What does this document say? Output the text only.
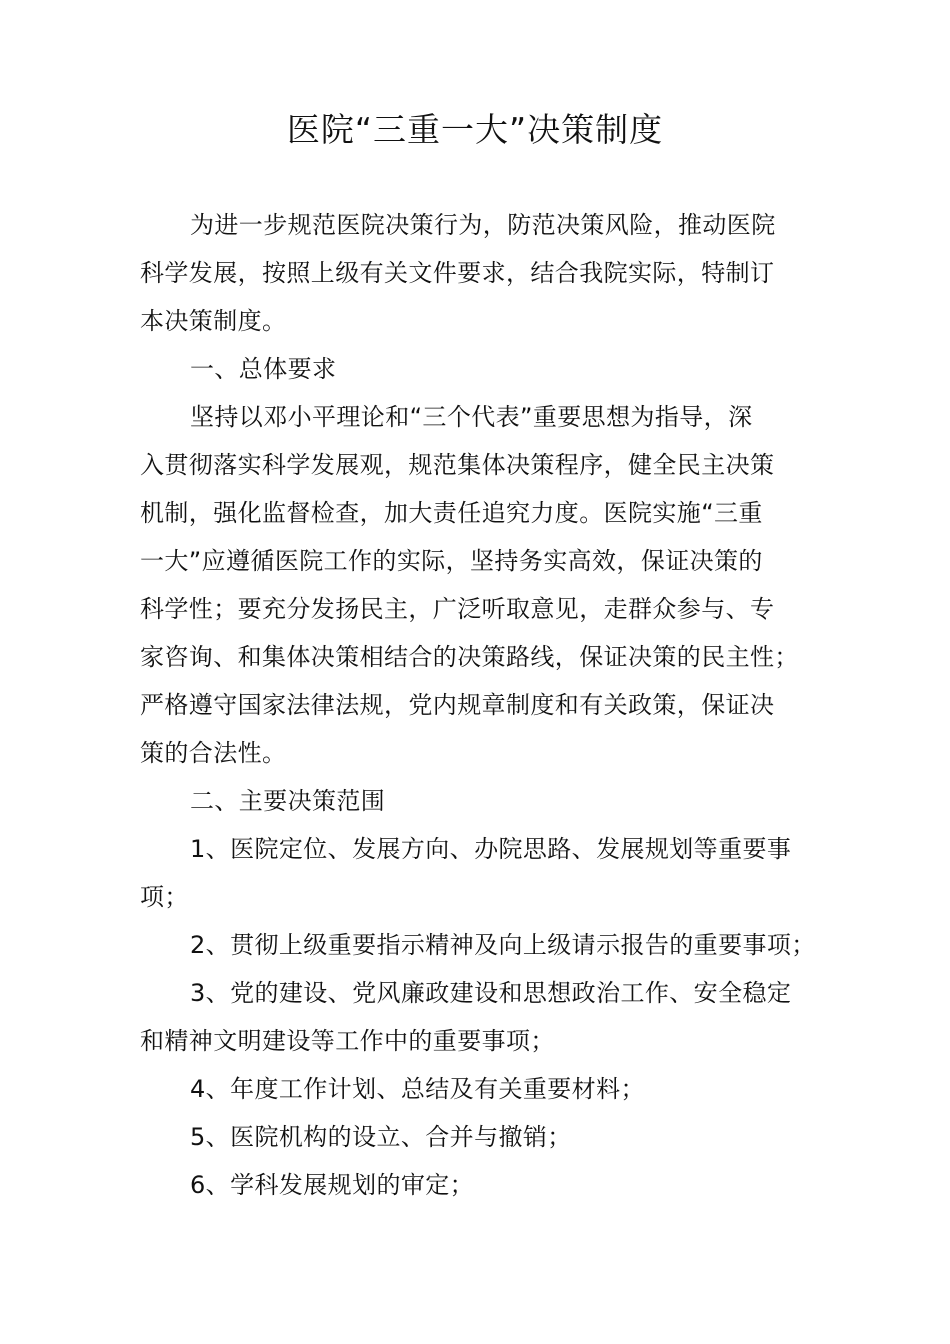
医院“三重一大”决策制度
为进一步规范医院决策行为，防范决策风险，推动医院
科学发展，按照上级有关文件要求，结合我院实际，特制订
本决策制度。
一、总体要求
坚持以邓小平理论和“三个代表”重要思想为指导，深
入贯彻落实科学发展观，规范集体决策程序，健全民主决策
机制，强化监督检查，加大责任追究力度。医院实施“三重
一大”应遵循医院工作的实际，坚持务实高效，保证决策的
科学性；要充分发扬民主，广泛听取意见，走群众参与、专
家咨询、和集体决策相结合的决策路线，保证决策的民主性；
严格遵守国家法律法规，党内规章制度和有关政策，保证决
策的合法性。
二、主要决策范围
1、医院定位、发展方向、办院思路、发展规划等重要事
项；
2、贯彻上级重要指示精神及向上级请示报告的重要事项；
3、党的建设、党风廉政建设和思想政治工作、安全稳定
和精神文明建设等工作中的重要事项；
4、年度工作计划、总结及有关重要材料；
5、医院机构的设立、合并与撤销；
6、学科发展规划的审定；
